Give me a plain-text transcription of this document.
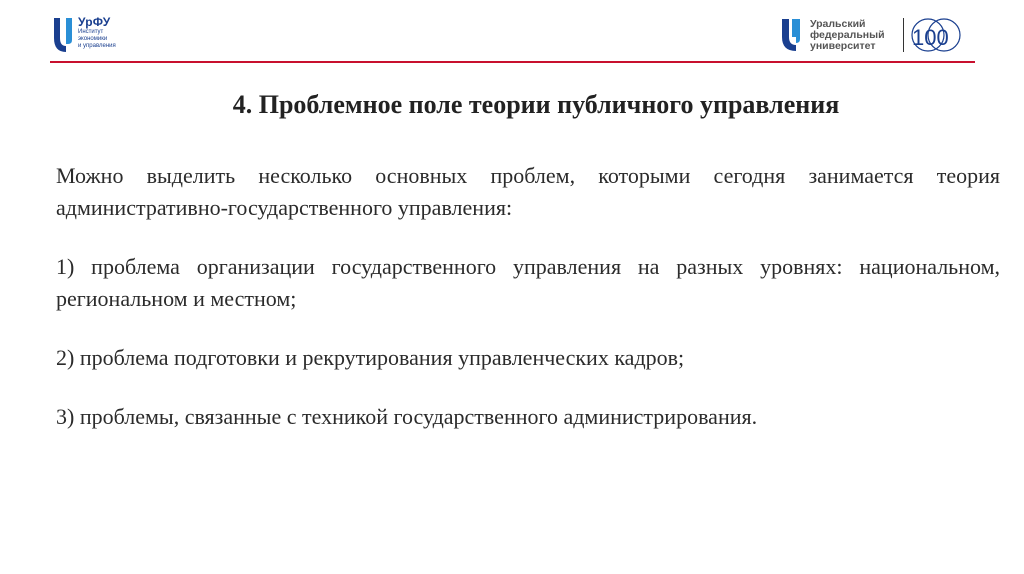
УрФУ
Институт
экономики
и управления
Уральский
федеральный
университет	100
4. Проблемное поле теории публичного управления

Можно выделить несколько основных проблем, которыми сегодня занимается теория административно-государственного управления:

1) проблема организации государственного управления на разных уровнях: национальном, региональном и местном;

2) проблема подготовки и рекрутирования управленческих кадров;

3) проблемы, связанные с техникой государственного администрирования.
